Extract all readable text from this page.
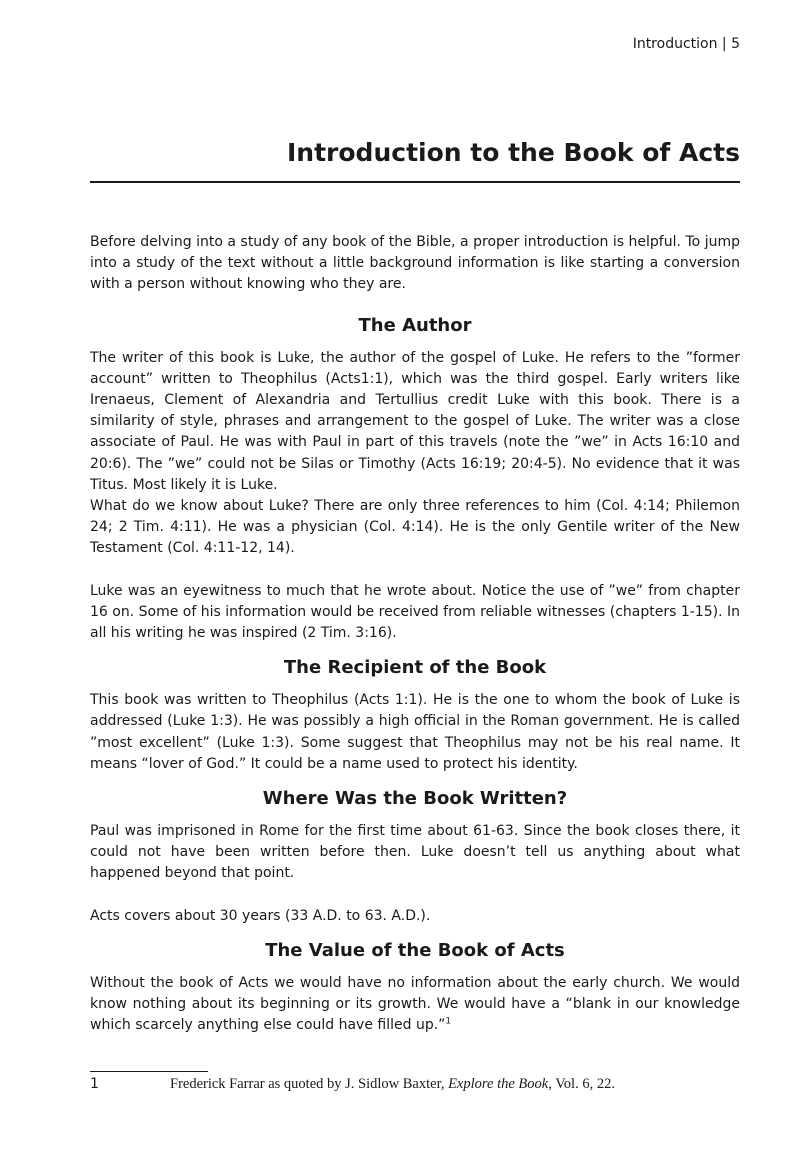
Introduction | 5
Introduction to the Book of Acts

Before delving into a study of any book of the Bible, a proper introduction is helpful. To jump into a study of the text without a little background information is like starting a conversion with a person without knowing who they are.

The Author

The writer of this book is Luke, the author of the gospel of Luke. He refers to the ”former account” written to Theophilus (Acts1:1), which was the third gospel. Early writers like Irenaeus, Clement of Alexandria and Tertullius credit Luke with this book. There is a similarity of style, phrases and arrangement to the gospel of Luke. The writer was a close associate of Paul. He was with Paul in part of this travels (note the ”we” in Acts 16:10 and 20:6). The ”we” could not be Silas or Timothy (Acts 16:19; 20:4-5). No evidence that it was Titus. Most likely it is Luke.

What do we know about Luke? There are only three references to him (Col. 4:14; Philemon 24; 2 Tim. 4:11). He was a physician (Col. 4:14). He is the only Gentile writer of the New Testament (Col. 4:11-12, 14).

Luke was an eyewitness to much that he wrote about. Notice the use of ”we” from chapter 16 on. Some of his information would be received from reliable witnesses (chapters 1-15). In all his writing he was inspired (2 Tim. 3:16).

The Recipient of the Book

This book was written to Theophilus (Acts 1:1). He is the one to whom the book of Luke is addressed (Luke 1:3). He was possibly a high official in the Roman government. He is called ”most excellent” (Luke 1:3). Some suggest that Theophilus may not be his real name. It means “lover of God.” It could be a name used to protect his identity.

Where Was the Book Written?

Paul was imprisoned in Rome for the first time about 61-63. Since the book closes there, it could not have been written before then. Luke doesn’t tell us anything about what happened beyond that point.

Acts covers about 30 years (33 A.D. to 63. A.D.).

The Value of the Book of Acts

Without the book of Acts we would have no information about the early church. We would know nothing about its beginning or its growth. We would have a “blank in our knowledge which scarcely anything else could have filled up.”$^1$

1	Frederick Farrar as quoted by J. Sidlow Baxter, Explore the Book, Vol. 6, 22.
